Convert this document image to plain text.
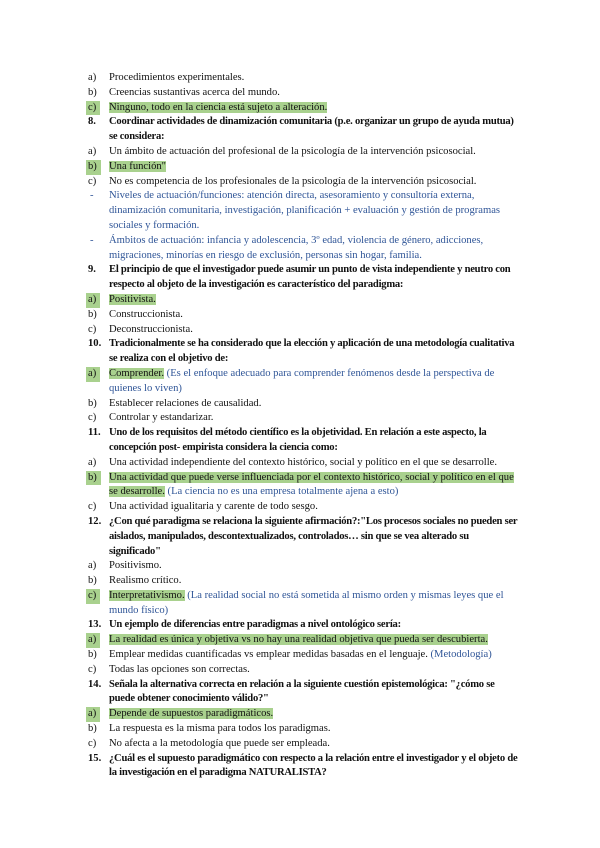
a) Procedimientos experimentales.
b) Creencias sustantivas acerca del mundo.
c)	Ninguno, todo en la ciencia está sujeto a alteración.
8. Coordinar actividades de dinamización comunitaria (p.e. organizar un grupo de ayuda mutua) se considera:
a) Un ámbito de actuación del profesional de la psicología de la intervención psicosocial.
b)	Una función"
c) No es competencia de los profesionales de la psicología de la intervención psicosocial.
- Niveles de actuación/funciones: atención directa, asesoramiento y consultoría externa, dinamización comunitaria, investigación, planificación + evaluación y gestión de programas sociales y formación.
- Ámbitos de actuación: infancia y adolescencia, 3º edad, violencia de género, adicciones, migraciones, minorías en riesgo de exclusión, personas sin hogar, familia.
9. El principio de que el investigador puede asumir un punto de vista independiente y neutro con respecto al objeto de la investigación es característico del paradigma:
a)	Positivista.
b) Construccionista.
c) Deconstruccionista.
10. Tradicionalmente se ha considerado que la elección y aplicación de una metodología cualitativa se realiza con el objetivo de:
a)	Comprender. (Es el enfoque adecuado para comprender fenómenos desde la perspectiva de quienes lo viven)
b) Establecer relaciones de causalidad.
c) Controlar y estandarizar.
11. Uno de los requisitos del método científico es la objetividad. En relación a este aspecto, la concepción post- empirista considera la ciencia como:
a) Una actividad independiente del contexto histórico, social y político en el que se desarrolle.
b)	Una actividad que puede verse influenciada por el contexto histórico, social y político en el que se desarrolle. (La ciencia no es una empresa totalmente ajena a esto)
c) Una actividad igualitaria y carente de todo sesgo.
12. ¿Con qué paradigma se relaciona la siguiente afirmación?:"Los procesos sociales no pueden ser aislados, manipulados, descontextualizados, controlados… sin que se vea alterado su significado"
a) Positivismo.
b) Realismo crítico.
c)	Interpretativismo. (La realidad social no está sometida al mismo orden y mismas leyes que el mundo físico)
13. Un ejemplo de diferencias entre paradigmas a nivel ontológico sería:
a)	La realidad es única y objetiva vs no hay una realidad objetiva que pueda ser descubierta.
b) Emplear medidas cuantificadas vs emplear medidas basadas en el lenguaje. (Metodología)
c) Todas las opciones son correctas.
14. Señala la alternativa correcta en relación a la siguiente cuestión epistemológica: "¿cómo se puede obtener conocimiento válido?"
a)	Depende de supuestos paradigmáticos.
b) La respuesta es la misma para todos los paradigmas.
c) No afecta a la metodología que puede ser empleada.
15. ¿Cuál es el supuesto paradigmático con respecto a la relación entre el investigador y el objeto de la investigación en el paradigma NATURALISTA?
